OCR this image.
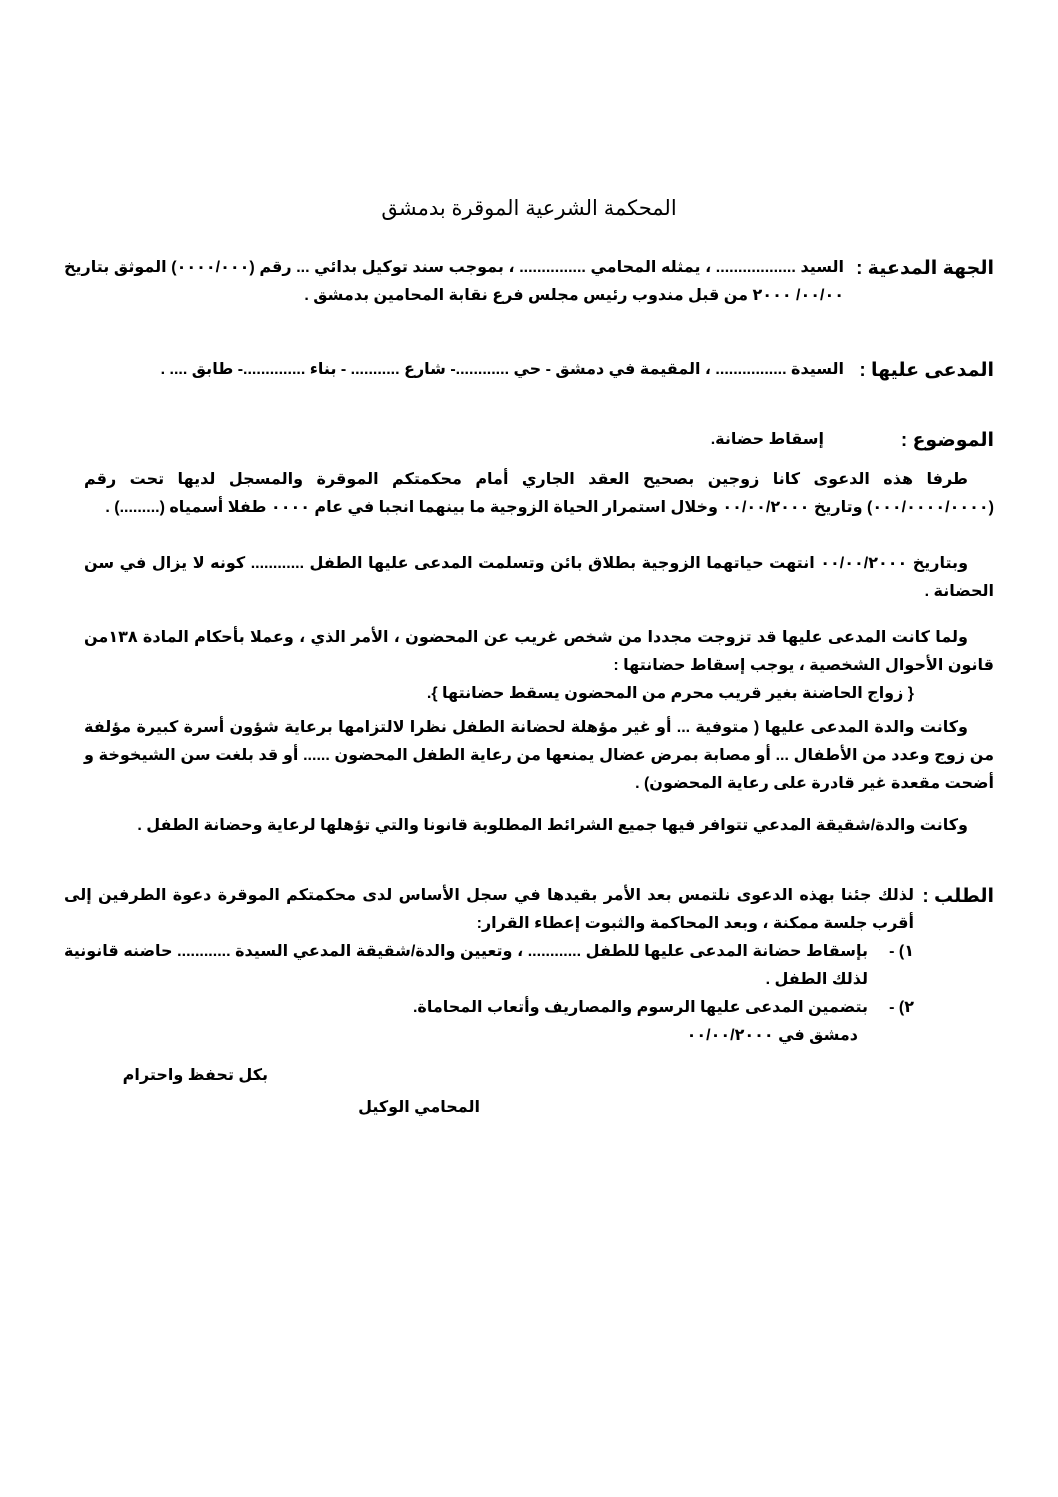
المحكمة الشرعية الموقرة بدمشق
الجهة المدعية :
السيد .................. ، يمثله المحامي ............... ، بموجب سند توكيل بدائي ... رقم (٠٠٠٠/٠٠٠) الموثق بتاريخ ٠٠/٠٠/ ٢٠٠٠ من قبل مندوب رئيس مجلس فرع نقابة المحامين بدمشق .
المدعى عليها :
السيدة ................ ، المقيمة في دمشق - حي ............- شارع ........... - بناء ..............- طابق .... .
الموضوع :
إسقاط حضانة.
طرفا هذه الدعوى كانا زوجين بصحيح العقد الجاري أمام محكمتكم الموقرة والمسجل لديها تحت رقم (٠٠٠/٠٠٠٠/٠٠٠٠) وتاريخ ٠٠/٠٠/٢٠٠٠ وخلال استمرار الحياة الزوجية ما بينهما انجبا في عام ٠٠٠٠ طفلا أسمياه (.........) .
وبتاريخ ٠٠/٠٠/٢٠٠٠ انتهت حياتهما الزوجية بطلاق بائن وتسلمت المدعى عليها الطفل ............ كونه لا يزال في سن الحضانة .
ولما كانت المدعى عليها قد تزوجت مجددا من شخص غريب عن المحضون ، الأمر الذي ، وعملا بأحكام المادة ١٣٨من قانون الأحوال الشخصية ، يوجب إسقاط حضانتها :
{ زواج الحاضنة بغير قريب محرم من المحضون يسقط حضانتها }.
وكانت والدة المدعى عليها ( متوفية ... أو غير مؤهلة لحضانة الطفل نظرا لالتزامها برعاية شؤون أسرة كبيرة مؤلفة من زوج وعدد من الأطفال ... أو مصابة بمرض عضال يمنعها من رعاية الطفل المحضون ...... أو قد بلغت سن الشيخوخة و أضحت مقعدة غير قادرة على رعاية المحضون) .
وكانت والدة/شقيقة المدعي تتوافر فيها جميع الشرائط المطلوبة قانونا والتي تؤهلها لرعاية وحضانة الطفل .
الطلب :
لذلك جئنا بهذه الدعوى نلتمس بعد الأمر بقيدها في سجل الأساس لدى محكمتكم الموقرة دعوة الطرفين إلى أقرب جلسة ممكنة ، وبعد المحاكمة والثبوت إعطاء القرار:
١) -
بإسقاط حضانة المدعى عليها للطفل ............ ، وتعيين والدة/شقيقة المدعي السيدة ............ حاضنه قانونية لذلك الطفل .
٢) -
بتضمين المدعى عليها الرسوم والمصاريف وأتعاب المحاماة.
دمشق في ٠٠/٠٠/٢٠٠٠
بكل تحفظ واحترام
المحامي الوكيل
